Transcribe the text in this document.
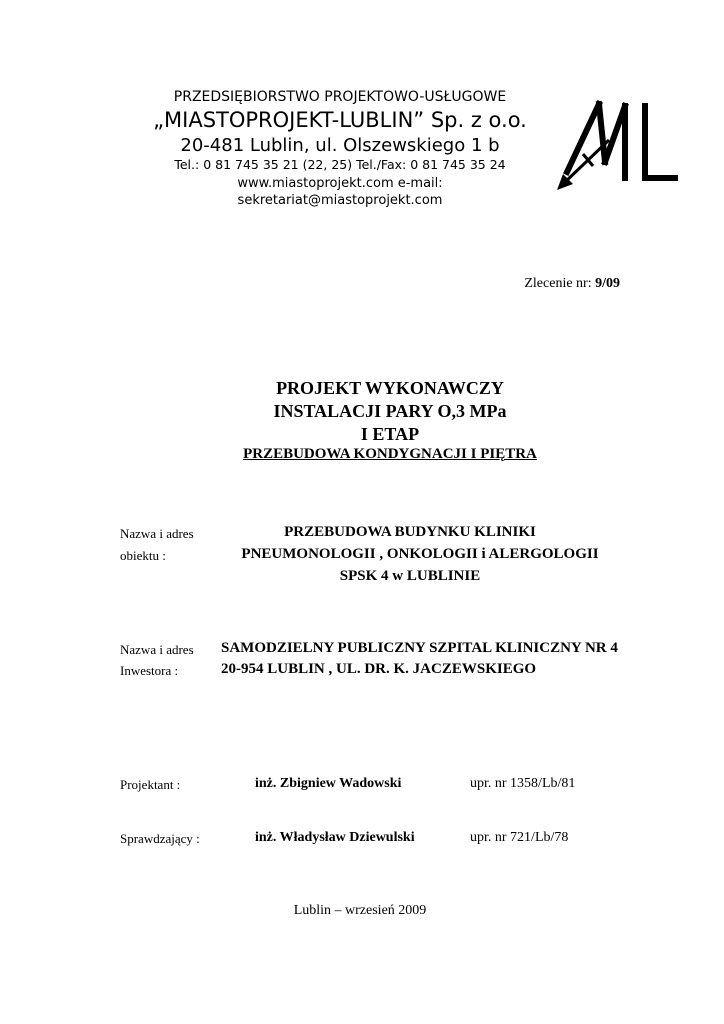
PRZEDSIĘBIORSTWO PROJEKTOWO-USŁUGOWE
„MIASTOPROJEKT-LUBLIN” Sp. z o.o.
20-481 Lublin, ul. Olszewskiego 1 b
Tel.: 0 81 745 35 21 (22, 25) Tel./Fax: 0 81 745 35 24
www.miastoprojekt.com e-mail:
sekretariat@miastoprojekt.com
Zlecenie nr: 9/09
PROJEKT WYKONAWCZY
INSTALACJI PARY O,3 MPa
I ETAP
PRZEBUDOWA KONDYGNACJI I PIĘTRA
Nazwa i adres
obiektu :
PRZEBUDOWA BUDYNKU KLINIKI
PNEUMONOLOGII , ONKOLOGII i ALERGOLOGII
SPSK 4 w LUBLINIE
Nazwa i adres
Inwestora :
SAMODZIELNY PUBLICZNY SZPITAL KLINICZNY NR 4
20-954 LUBLIN , UL. DR. K. JACZEWSKIEGO
Projektant :	inż. Zbigniew Wadowski	upr. nr 1358/Lb/81
Sprawdzający :	inż. Władysław Dziewulski	upr. nr 721/Lb/78
Lublin – wrzesień 2009
